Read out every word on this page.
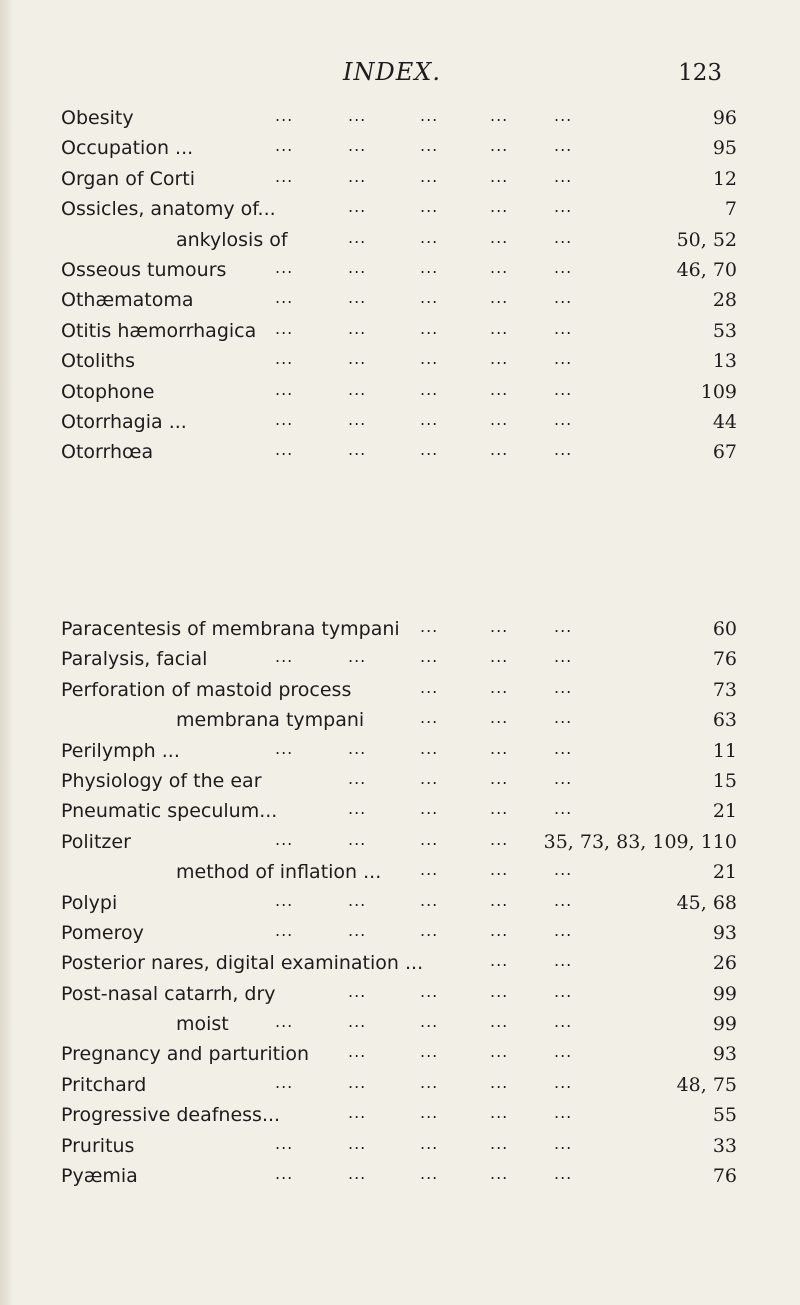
INDEX.	123
Obesity	...	...	...	...	...	96
Occupation ...	...	...	...	...	...	95
Organ of Corti	...	...	...	...	...	12
Ossicles, anatomy of...	...	...	...	...	7
ankylosis of	...	...	...	...	50, 52
Osseous tumours	...	...	...	...	...	46, 70
Othæmatoma	...	...	...	...	...	28
Otitis hæmorrhagica ...	...	...	...	...	53
Otoliths	...	...	...	...	...	13
Otophone	...	...	...	...	...	109
Otorrhagia ...	...	...	...	...	...	44
Otorrhœa	...	...	...	...	...	67
Paracentesis of membrana tympani ...	...	...	60
Paralysis, facial	...	...	...	...	...	76
Perforation of mastoid process	...	...	...	73
membrana tympani	...	...	...	63
Perilymph ...	...	...	...	...	...	11
Physiology of the ear	...	...	...	...	15
Pneumatic speculum...	...	...	...	...	21
Politzer	...	...	...	... 35, 73, 83, 109, 110
method of inflation ... ...	...	...	21
Polypi	...	...	...	...	...	45, 68
Pomeroy	...	...	...	...	...	93
Posterior nares, digital examination ...	...	...	26
Post-nasal catarrh, dry	...	...	...	...	99
moist	...	...	...	...	...	99
Pregnancy and parturition ...	...	...	...	93
Pritchard	...	...	...	...	...	48, 75
Progressive deafness...	...	...	...	...	55
Pruritus	...	...	...	...	...	33
Pyæmia	...	...	...	...	...	76
